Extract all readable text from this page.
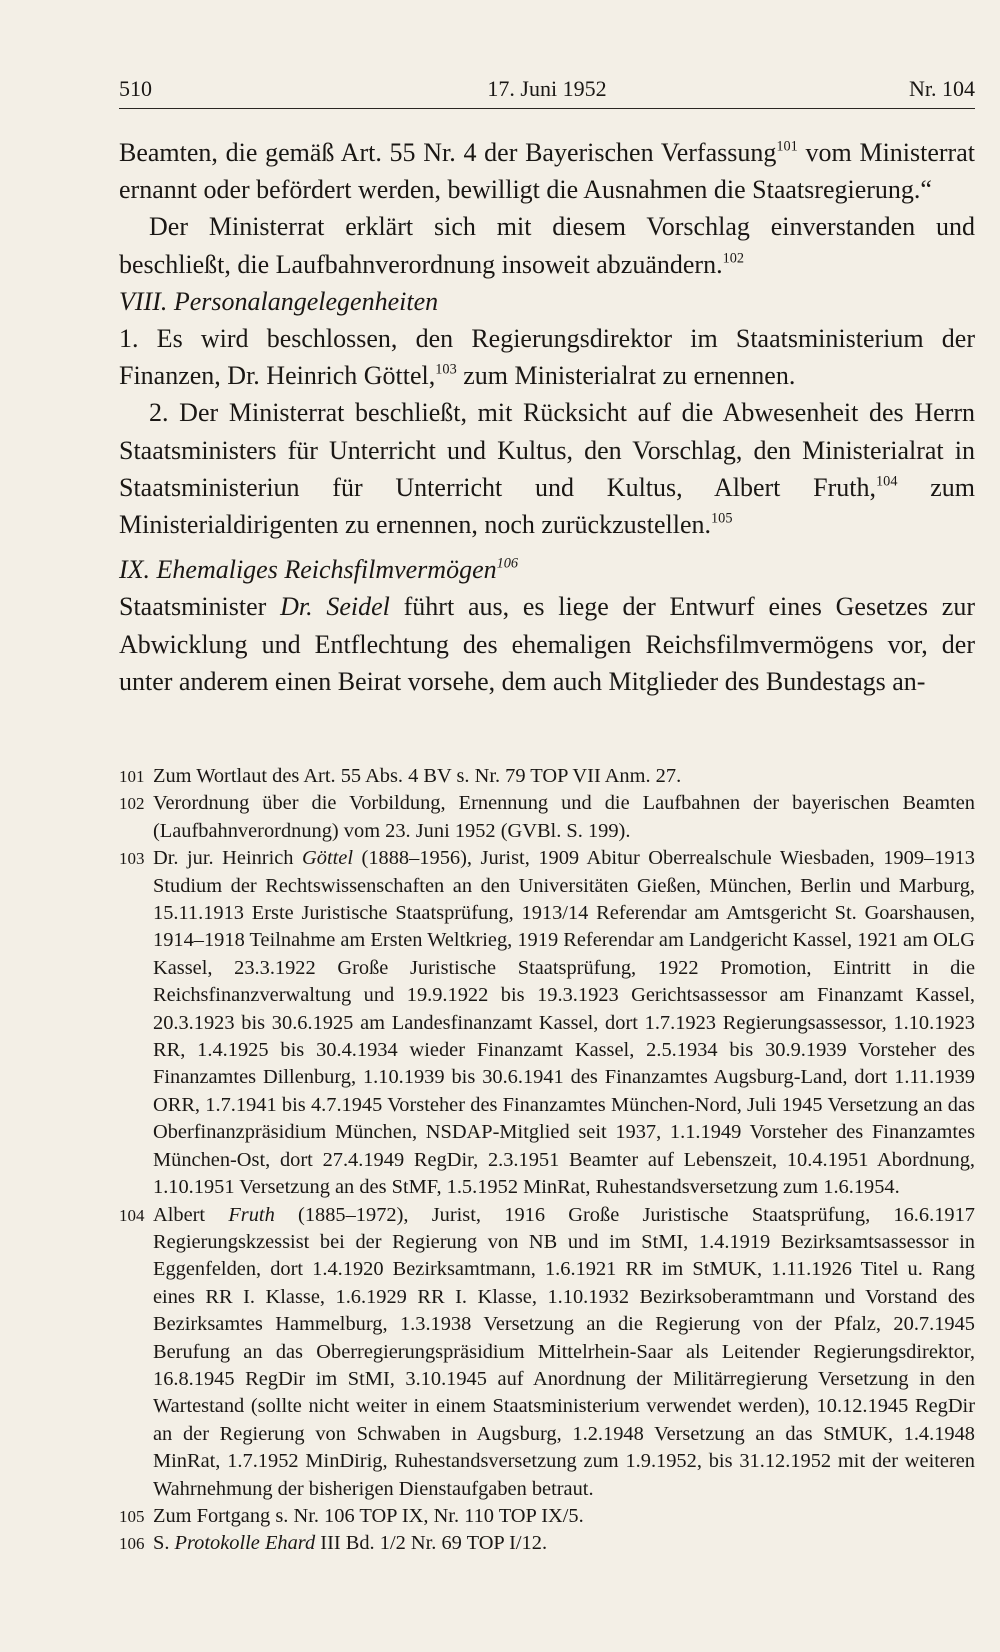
510	17. Juni 1952	Nr. 104

Beamten, die gemäß Art. 55 Nr. 4 der Bayerischen Verfassung$^{101}$ vom Ministerrat ernannt oder befördert werden, bewilligt die Ausnahmen die Staatsregierung.“

Der Ministerrat erklärt sich mit diesem Vorschlag einverstanden und beschließt, die Laufbahnverordnung insoweit abzuändern.$^{102}$

VIII. Personalangelegenheiten

1. Es wird beschlossen, den Regierungsdirektor im Staatsministerium der Finanzen, Dr. Heinrich Göttel,$^{103}$ zum Ministerialrat zu ernennen.

2. Der Ministerrat beschließt, mit Rücksicht auf die Abwesenheit des Herrn Staatsministers für Unterricht und Kultus, den Vorschlag, den Ministerialrat in Staatsministeriun für Unterricht und Kultus, Albert Fruth,$^{104}$ zum Ministerialdirigenten zu ernennen, noch zurückzustellen.$^{105}$

IX. Ehemaliges Reichsfilmvermögen$^{106}$

Staatsminister Dr. Seidel führt aus, es liege der Entwurf eines Gesetzes zur Abwicklung und Entflechtung des ehemaligen Reichsfilmvermögens vor, der unter anderem einen Beirat vorsehe, dem auch Mitglieder des Bundestags an-

101 Zum Wortlaut des Art. 55 Abs. 4 BV s. Nr. 79 TOP VII Anm. 27.
102 Verordnung über die Vorbildung, Ernennung und die Laufbahnen der bayerischen Beamten (Laufbahnverordnung) vom 23. Juni 1952 (GVBl. S. 199).
103 Dr. jur. Heinrich Göttel (1888–1956), Jurist, 1909 Abitur Oberrealschule Wiesbaden, 1909–1913 Studium der Rechtswissenschaften an den Universitäten Gießen, München, Berlin und Marburg, 15.11.1913 Erste Juristische Staatsprüfung, 1913/14 Referendar am Amtsgericht St. Goarshausen, 1914–1918 Teilnahme am Ersten Weltkrieg, 1919 Referendar am Landgericht Kassel, 1921 am OLG Kassel, 23.3.1922 Große Juristische Staatsprüfung, 1922 Promotion, Eintritt in die Reichsfinanzverwaltung und 19.9.1922 bis 19.3.1923 Gerichtsassessor am Finanzamt Kassel, 20.3.1923 bis 30.6.1925 am Landesfinanzamt Kassel, dort 1.7.1923 Regierungsassessor, 1.10.1923 RR, 1.4.1925 bis 30.4.1934 wieder Finanzamt Kassel, 2.5.1934 bis 30.9.1939 Vorsteher des Finanzamtes Dillenburg, 1.10.1939 bis 30.6.1941 des Finanzamtes Augsburg-Land, dort 1.11.1939 ORR, 1.7.1941 bis 4.7.1945 Vorsteher des Finanzamtes München-Nord, Juli 1945 Versetzung an das Oberfinanzpräsidium München, NSDAP-Mitglied seit 1937, 1.1.1949 Vorsteher des Finanzamtes München-Ost, dort 27.4.1949 RegDir, 2.3.1951 Beamter auf Lebenszeit, 10.4.1951 Abordnung, 1.10.1951 Versetzung an des StMF, 1.5.1952 MinRat, Ruhestandsversetzung zum 1.6.1954.
104 Albert Fruth (1885–1972), Jurist, 1916 Große Juristische Staatsprüfung, 16.6.1917 Regierungskzessist bei der Regierung von NB und im StMI, 1.4.1919 Bezirksamtsassessor in Eggenfelden, dort 1.4.1920 Bezirksamtmann, 1.6.1921 RR im StMUK, 1.11.1926 Titel u. Rang eines RR I. Klasse, 1.6.1929 RR I. Klasse, 1.10.1932 Bezirksoberamtmann und Vorstand des Bezirksamtes Hammelburg, 1.3.1938 Versetzung an die Regierung von der Pfalz, 20.7.1945 Berufung an das Oberregierungspräsidium Mittelrhein-Saar als Leitender Regierungsdirektor, 16.8.1945 RegDir im StMI, 3.10.1945 auf Anordnung der Militärregierung Versetzung in den Wartestand (sollte nicht weiter in einem Staatsministerium verwendet werden), 10.12.1945 RegDir an der Regierung von Schwaben in Augsburg, 1.2.1948 Versetzung an das StMUK, 1.4.1948 MinRat, 1.7.1952 MinDirig, Ruhestandsversetzung zum 1.9.1952, bis 31.12.1952 mit der weiteren Wahrnehmung der bisherigen Dienstaufgaben betraut.
105 Zum Fortgang s. Nr. 106 TOP IX, Nr. 110 TOP IX/5.
106 S. Protokolle Ehard III Bd. 1/2 Nr. 69 TOP I/12.
